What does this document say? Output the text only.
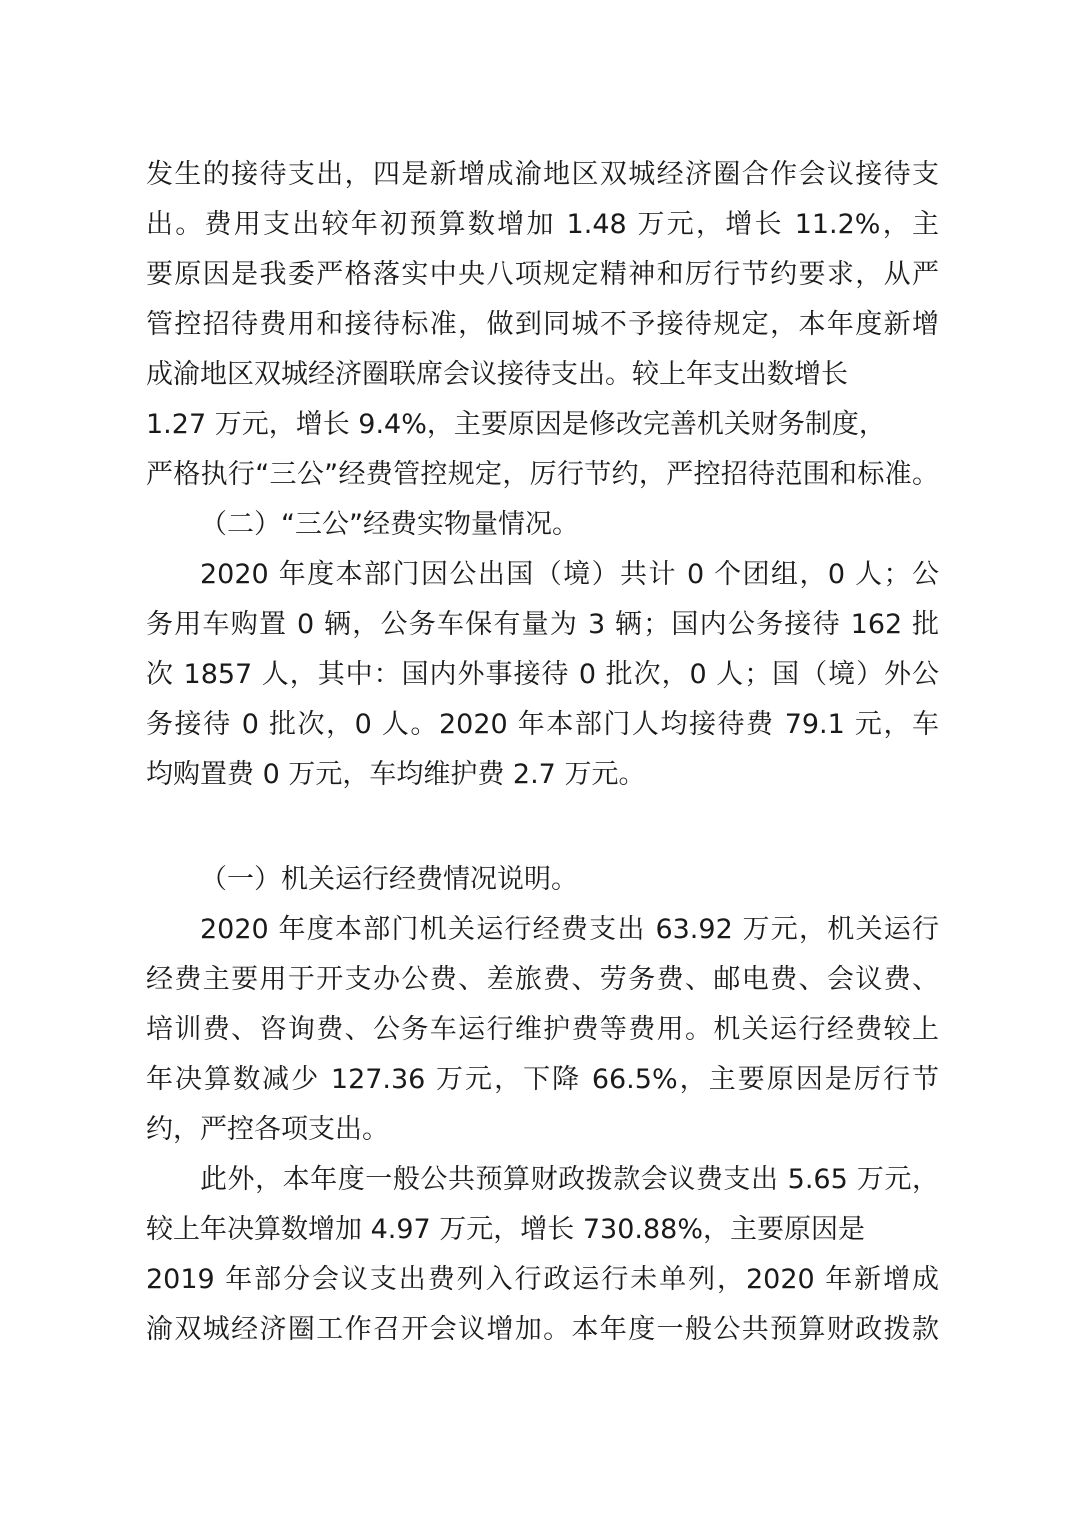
发生的接待支出，四是新增成渝地区双城经济圈合作会议接待支

出。费用支出较年初预算数增加 1.48 万元，增长 11.2%，主

要原因是我委严格落实中央八项规定精神和厉行节约要求，从严

管控招待费用和接待标准，做到同城不予接待规定，本年度新增

成渝地区双城经济圈联席会议接待支出。较上年支出数增长

1.27 万元，增长 9.4%，主要原因是修改完善机关财务制度，

严格执行“三公”经费管控规定，厉行节约，严控招待范围和标准。

（二）“三公”经费实物量情况。

2020 年度本部门因公出国（境）共计 0 个团组，0 人；公

务用车购置 0 辆，公务车保有量为 3 辆；国内公务接待 162 批

次 1857 人，其中：国内外事接待 0 批次，0 人；国（境）外公

务接待 0 批次，0 人。2020 年本部门人均接待费 79.1 元，车

均购置费 0 万元，车均维护费 2.7 万元。

（一）机关运行经费情况说明。

2020 年度本部门机关运行经费支出 63.92 万元，机关运行

经费主要用于开支办公费、差旅费、劳务费、邮电费、会议费、

培训费、咨询费、公务车运行维护费等费用。机关运行经费较上

年决算数减少 127.36 万元，下降 66.5%，主要原因是厉行节

约，严控各项支出。

此外，本年度一般公共预算财政拨款会议费支出 5.65 万元，

较上年决算数增加 4.97 万元，增长 730.88%，主要原因是

2019 年部分会议支出费列入行政运行未单列，2020 年新增成

渝双城经济圈工作召开会议增加。本年度一般公共预算财政拨款
